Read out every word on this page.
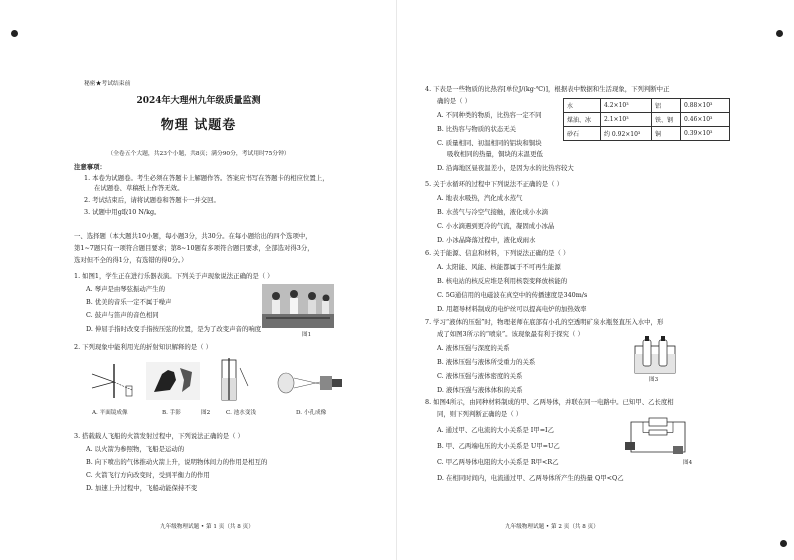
秘密★考试结束前
2024年大理州九年级质量监测
物理 试题卷
（全卷五个大题，共23个小题，共8页；满分90分，考试用时75分钟）
注意事项：
1. 本卷为试题卷。考生必须在答题卡上解题作答。答案应书写在答题卡的相应位置上，
在试题卷、草稿纸上作答无效。
2. 考试结束后，请将试题卷和答题卡一并交回。
3. 试题中用g取10 N/kg。
一、选择题（本大题共10小题，每小题3分，共30分。在每小题给出的四个选项中，
第1~7题只有一项符合题目要求；第8~10题有多项符合题目要求，全部选对得3分，
选对但不全的得1分，有选错的得0分。）
1. 如图1，学生正在进行乐器表演。下列关于声现象说法正确的是（ ）
A. 琴声是由琴弦振动产生的
B. 优美的音乐一定不属于噪声
C. 鼓声与笛声的音色相同
D. 伸屈手指时改变手指按压弦的位置，是为了改变声音的响度
图1
2. 下列现象中能利用光的折射知识解释的是（ ）
A. 平面镜成像	B. 手影	图2	C. 池水变浅	D. 小孔成像
3. 搭载载人飞船的火箭发射过程中，下列说法正确的是（ ）
A. 以火箭为参照物，飞船是运动的
B. 向下喷出的气体推动火箭上升，说明物体间力的作用是相互的
C. 火箭飞行方向改变时，受到平衡力的作用
D. 加速上升过程中，飞船动能保持不变
九年级物理试题 • 第 1 页（共 8 页）
4. 下表是一些物质的比热容[单位J/(kg·℃)]，根据表中数据和生活现象，下列判断中正
确的是（ ）
A. 不同种类的物质，比热容一定不同
B. 比热容与物质的状态无关
C. 质量相同、初温相同的铝块和铜块
吸收相同的热量，铜块的末温更低
D. 沿海地区昼夜温差小，是因为水的比热容较大
水	4.2×10³	铝	0.88×10³
煤油、冰	2.1×10³	铁、钢	0.46×10³
砂石	约 0.92×10³	铜	0.39×10³
5. 关于水循环的过程中下列说法不正确的是（ ）
A. 地表水吸热，汽化成水蒸气
B. 水蒸气与冷空气接触，液化成小水滴
C. 小水滴遇到更冷的气流，凝固成小冰晶
D. 小冰晶降落过程中，液化成雨水
6. 关于能源、信息和材料，下列说法正确的是（ ）
A. 太阳能、风能、核能都属于不可再生能源
B. 核电站的核反应堆是利用核裂变释放核能的
C. 5G通信用的电磁波在真空中的传播速度是340m/s
D. 用超导材料制成的电炉丝可以提高电炉的加热效率
7. 学习“液体的压强”时，物理老师在底部有小孔的空透明矿泉水瓶竖直压入水中，形
成了如图3所示的“喷泉”。该现象最有利于探究（ ）
A. 液体压强与深度的关系
B. 液体压强与液体所受重力的关系
C. 液体压强与液体密度的关系
D. 液体压强与液体体积的关系
图3
8. 如图4所示，由同种材料制成的甲、乙两导体，并联在同一电路中。已知甲、乙长度相
同，则下列判断正确的是（ ）
A. 通过甲、乙电流的大小关系是 I甲=I乙
B. 甲、乙两端电压的大小关系是 U甲=U乙
C. 甲乙两导体电阻的大小关系是 R甲<R乙
D. 在相同时间内，电流通过甲、乙两导体所产生的热量 Q甲<Q乙
图4
九年级物理试题 • 第 2 页（共 8 页）
